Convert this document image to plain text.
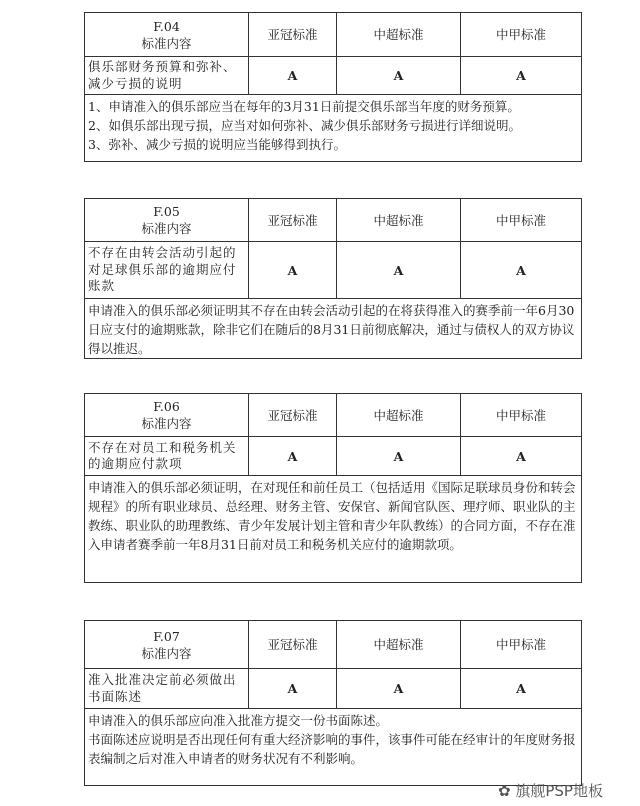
F.04
标准内容	亚冠标准	中超标准	中甲标准
俱乐部财务预算和弥补、减少亏损的说明	A	A	A

1、申请准入的俱乐部应当在每年的3月31日前提交俱乐部当年度的财务预算。

2、如俱乐部出现亏损，应当对如何弥补、减少俱乐部财务亏损进行详细说明。

3、弥补、减少亏损的说明应当能够得到执行。			

F.05
标准内容	亚冠标准	中超标准	中甲标准
不存在由转会活动引起的对足球俱乐部的逾期应付账款	A	A	A

申请准入的俱乐部必须证明其不存在由转会活动引起的在将获得准入的赛季前一年6月30日应支付的逾期账款，除非它们在随后的8月31日前彻底解决，通过与债权人的双方协议得以推迟。			

F.06
标准内容	亚冠标准	中超标准	中甲标准
不存在对员工和税务机关的逾期应付款项	A	A	A

申请准入的俱乐部必须证明，在对现任和前任员工（包括适用《国际足联球员身份和转会规程》的所有职业球员、总经理、财务主管、安保官、新闻官队医、理疗师、职业队的主教练、职业队的助理教练、青少年发展计划主管和青少年队教练）的合同方面，不存在准入申请者赛季前一年8月31日前对员工和税务机关应付的逾期款项。			

F.07
标准内容	亚冠标准	中超标准	中甲标准
准入批准决定前必须做出书面陈述	A	A	A

申请准入的俱乐部应向准入批准方提交一份书面陈述。

书面陈述应说明是否出现任何有重大经济影响的事件，该事件可能在经审计的年度财务报表编制之后对准入申请者的财务状况有不利影响。			

✿ 旗舰PSP地板
